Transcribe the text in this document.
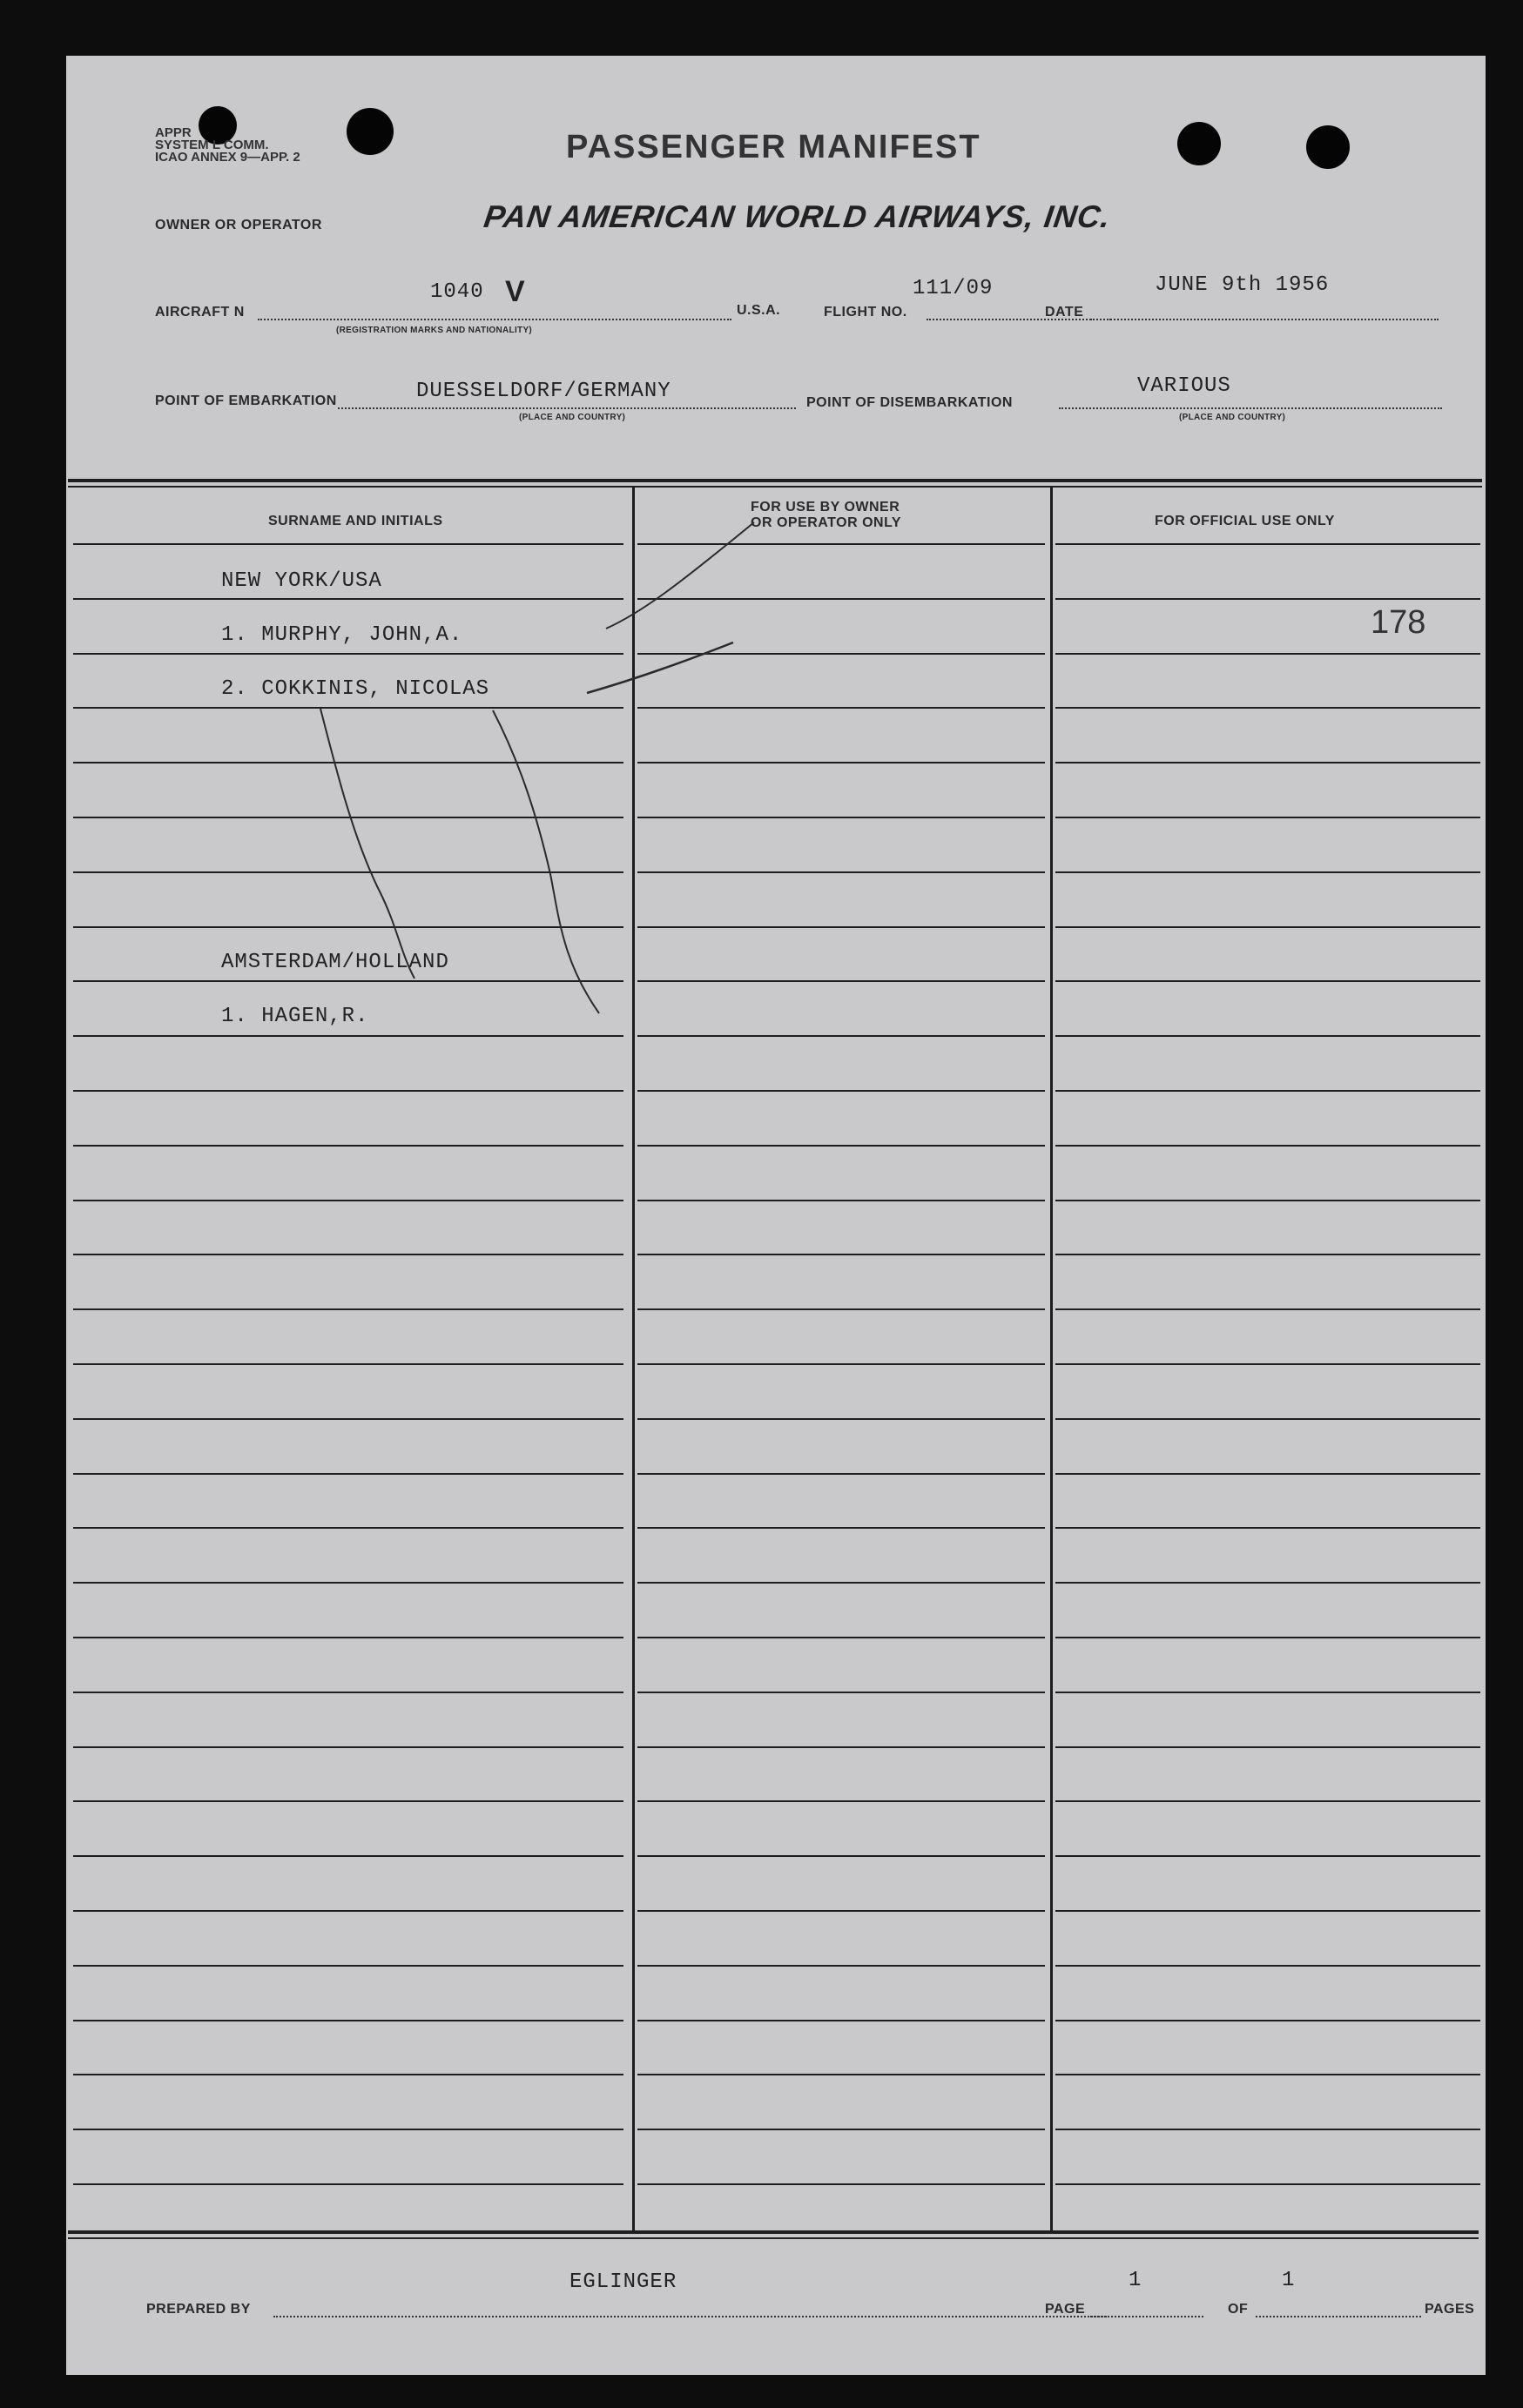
APPR
SYSTEM L COMM.
ICAO ANNEX 9—APP. 2	PASSENGER MANIFEST
OWNER OR OPERATOR	PAN AMERICAN WORLD AIRWAYS, INC.
AIRCRAFT N
1040 V
(REGISTRATION MARKS AND NATIONALITY)
U.S.A.	FLIGHT NO.
111/09
DATE
JUNE 9th 1956
POINT OF EMBARKATION	DUESSELDORF/GERMANY
(PLACE AND COUNTRY)
POINT OF DISEMBARKATION
VARIOUS
(PLACE AND COUNTRY)
SURNAME AND INITIALS
FOR USE BY OWNER
OR OPERATOR ONLY	FOR OFFICIAL USE ONLY
NEW YORK/USA
1. MURPHY, JOHN,A.
2. COKKINIS, NICOLAS
AMSTERDAM/HOLLAND
1. HAGEN,R.
178
EGLINGER	1	1
PREPARED BY	PAGE	OF	PAGES
